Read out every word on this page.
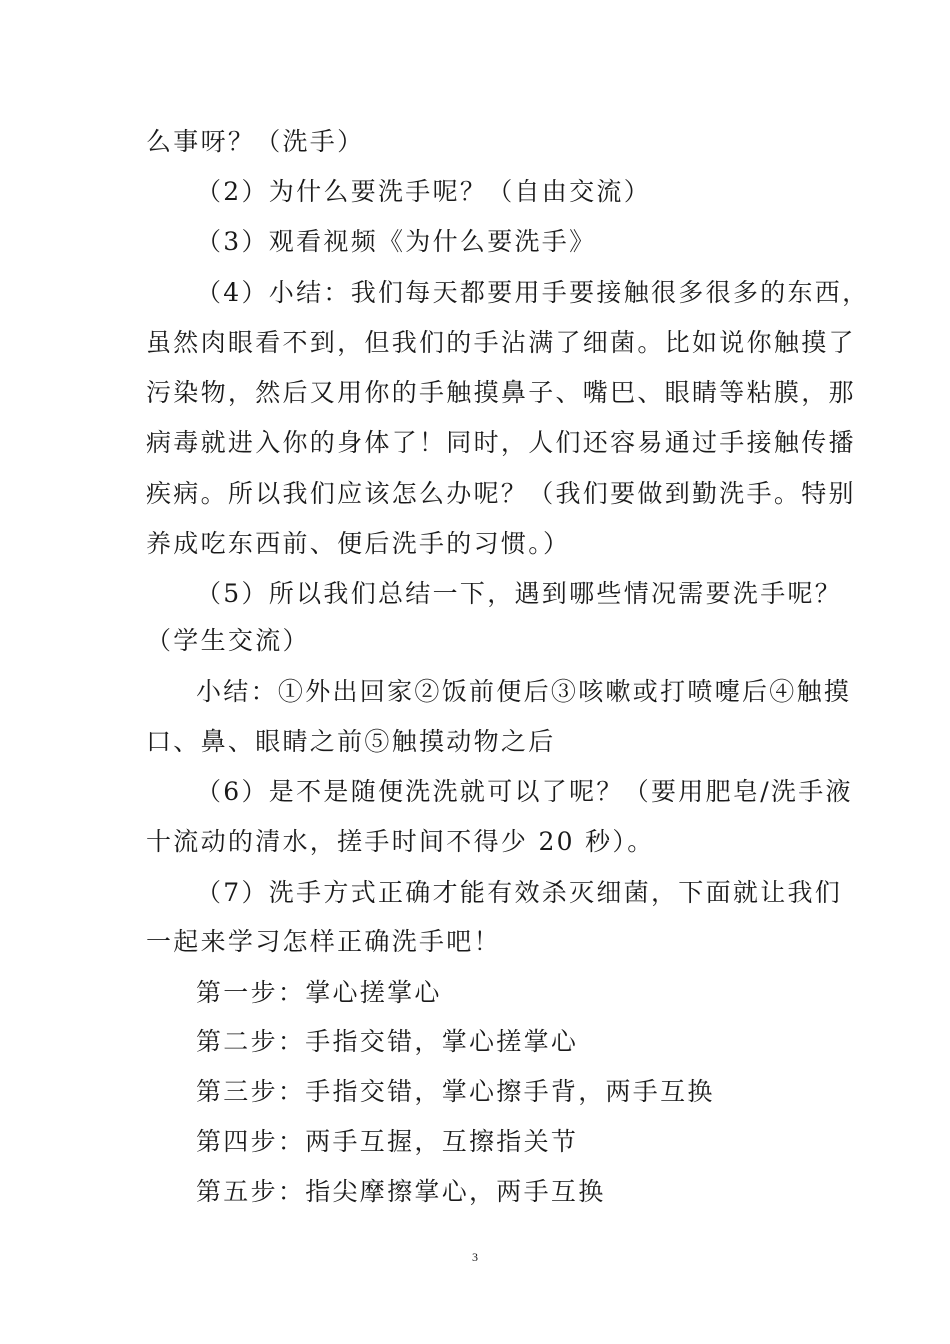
么事呀？（洗手）
（2）为什么要洗手呢？（自由交流）
（3）观看视频《为什么要洗手》
（4）小结：我们每天都要用手要接触很多很多的东西，
虽然肉眼看不到，但我们的手沾满了细菌。比如说你触摸了
污染物，然后又用你的手触摸鼻子、嘴巴、眼睛等粘膜，那
病毒就进入你的身体了！同时，人们还容易通过手接触传播
疾病。所以我们应该怎么办呢？（我们要做到勤洗手。特别
养成吃东西前、便后洗手的习惯。）
（5）所以我们总结一下，遇到哪些情况需要洗手呢？
（学生交流）
小结：①外出回家②饭前便后③咳嗽或打喷嚏后④触摸
口、鼻、眼睛之前⑤触摸动物之后
（6）是不是随便洗洗就可以了呢？（要用肥皂/洗手液
十流动的清水，搓手时间不得少 20 秒）。
（7）洗手方式正确才能有效杀灭细菌，下面就让我们
一起来学习怎样正确洗手吧！
第一步：掌心搓掌心
第二步：手指交错，掌心搓掌心
第三步：手指交错，掌心擦手背，两手互换
第四步：两手互握，互擦指关节
第五步：指尖摩擦掌心，两手互换
3
